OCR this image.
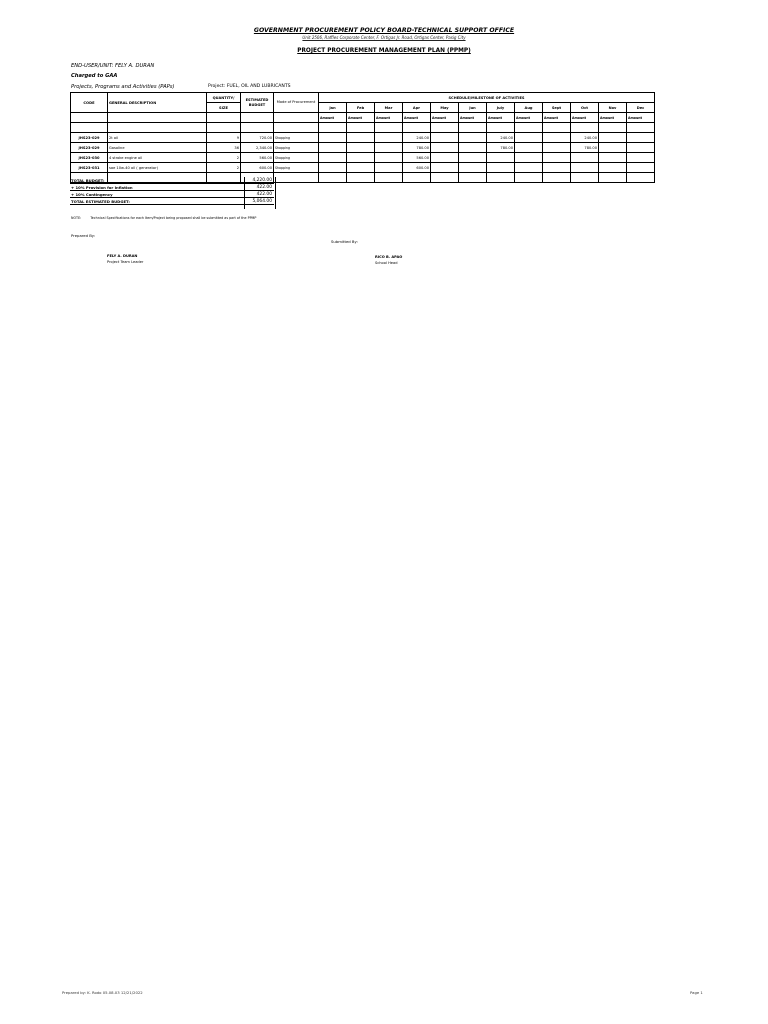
GOVERNMENT PROCUREMENT POLICY BOARD-TECHNICAL SUPPORT OFFICE
Unit 2506, Raffles Corporate Center, F. Ortigas Jr. Road, Ortigas Center, Pasig City
PROJECT PROCUREMENT MANAGEMENT PLAN (PPMP)
END-USER/UNIT: FELY A. DURAN
Charged to GAA
Projects, Programs and Activities (PAPs)	Project: FUEL, OIL AND LUBRICANTS
CODE	GENERAL DESCRIPTION	QUANTITY/	ESTIMATED BUDGET	Mode of Procurement	SCHEDULE/MILESTONE OF ACTIVITIES											
		SIZE			Jan	Feb	Mar	Apr	May	Jun	July	Aug	Sept	Oct	Nov	Dec
					Amount	Amount	Amount	Amount	Amount	Amount	Amount	Amount	Amount	Amount	Amount	Amount

JHS23-029	2t oil	9	720.00	Shopping				240.00			240.00			240.00		
JHS23-029	Gasoline	36	2,340.00	Shopping				780.00			780.00			780.00		
JHS23-030	4 stroke engine oil	2	560.00	Shopping				560.00								
JHS23-031	sae 10w-40 oil ( generator)	2	600.00	Shopping				600.00								

TOTAL BUDGET:	4,220.00
+ 10% Provision for Inflation	422.00
+ 10% Contingency	422.00
TOTAL ESTIMATED BUDGET:	5,064.00
NOTE:	Technical Specifications for each Item/Project being proposed shall be submitted as part of the PPMP
Prepared By:
Submitted By:
FELY A. DURAN
Project Team Leader
RICO B. APAO
School Head
Prepared by: K. Rodo 05.08.03 12/21/2022	Page 1
